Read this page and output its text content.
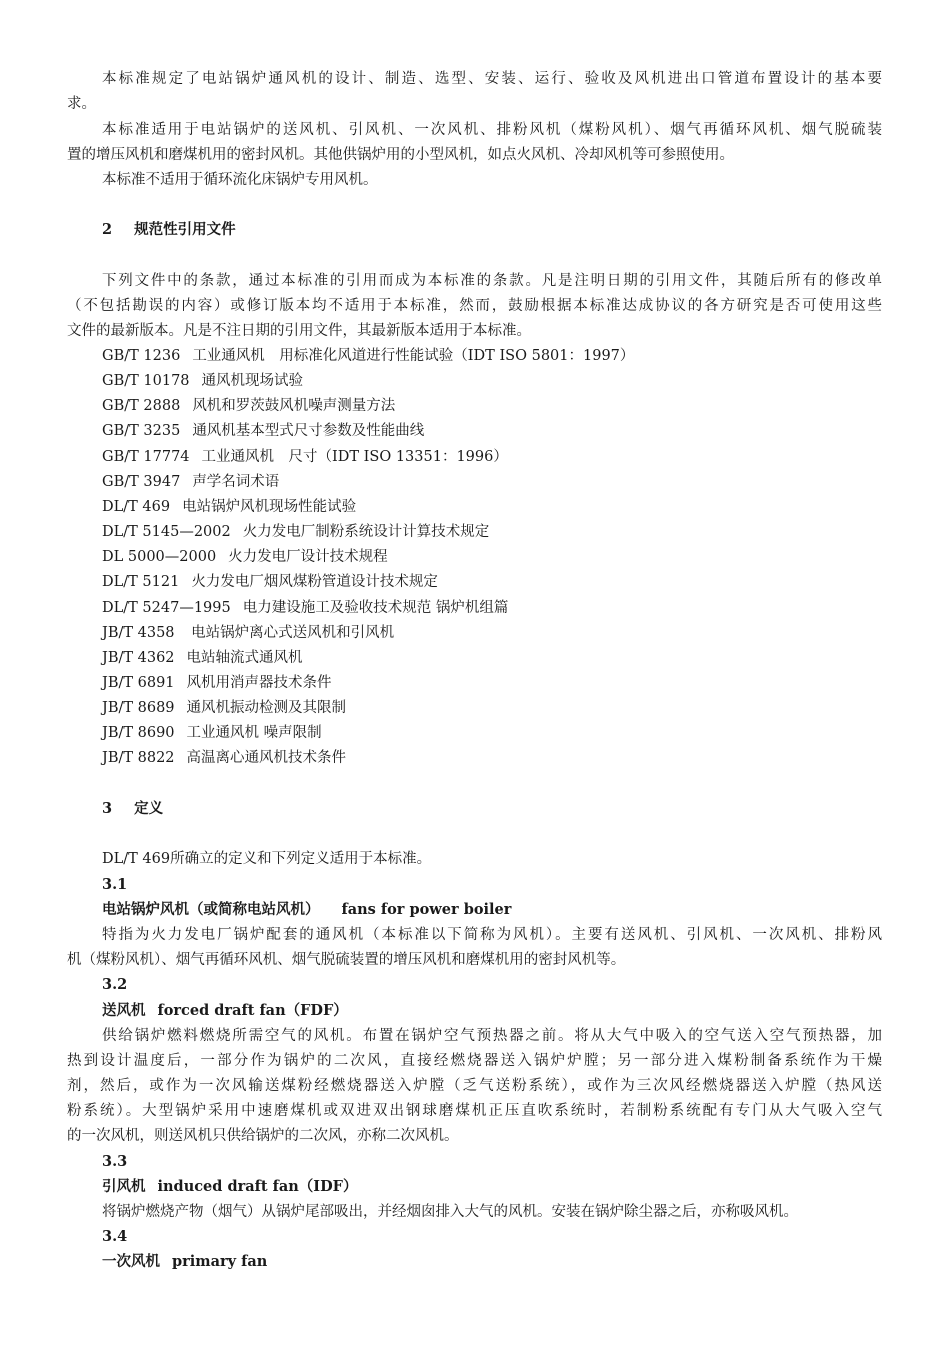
本标准规定了电站锅炉通风机的设计、制造、选型、安装、运行、验收及风机进出口管道布置设计的基本要
求。
本标准适用于电站锅炉的送风机、引风机、一次风机、排粉风机（煤粉风机）、烟气再循环风机、烟气脱硫装
置的增压风机和磨煤机用的密封风机。其他供锅炉用的小型风机，如点火风机、冷却风机等可参照使用。
本标准不适用于循环流化床锅炉专用风机。
2 规范性引用文件
下列文件中的条款，通过本标准的引用而成为本标准的条款。凡是注明日期的引用文件，其随后所有的修改单
（不包括勘误的内容）或修订版本均不适用于本标准，然而，鼓励根据本标准达成协议的各方研究是否可使用这些
文件的最新版本。凡是不注日期的引用文件，其最新版本适用于本标准。
GB/T 1236 工业通风机　用标准化风道进行性能试验（IDT ISO 5801：1997）
GB/T 10178 通风机现场试验
GB/T 2888 风机和罗茨鼓风机噪声测量方法
GB/T 3235 通风机基本型式尺寸参数及性能曲线
GB/T 17774 工业通风机　尺寸（IDT ISO 13351：1996）
GB/T 3947 声学名词术语
DL/T 469 电站锅炉风机现场性能试验
DL/T 5145—2002 火力发电厂制粉系统设计计算技术规定
DL 5000—2000 火力发电厂设计技术规程
DL/T 5121 火力发电厂烟风煤粉管道设计技术规定
DL/T 5247—1995 电力建设施工及验收技术规范 锅炉机组篇
JB/T 4358 电站锅炉离心式送风机和引风机
JB/T 4362 电站轴流式通风机
JB/T 6891 风机用消声器技术条件
JB/T 8689 通风机振动检测及其限制
JB/T 8690 工业通风机 噪声限制
JB/T 8822 高温离心通风机技术条件
3 定义
DL/T 469所确立的定义和下列定义适用于本标准。
3.1
电站锅炉风机（或简称电站风机） fans for power boiler
特指为火力发电厂锅炉配套的通风机（本标准以下简称为风机）。主要有送风机、引风机、一次风机、排粉风
机（煤粉风机）、烟气再循环风机、烟气脱硫装置的增压风机和磨煤机用的密封风机等。
3.2
送风机 forced draft fan（FDF）
供给锅炉燃料燃烧所需空气的风机。布置在锅炉空气预热器之前。将从大气中吸入的空气送入空气预热器，加
热到设计温度后，一部分作为锅炉的二次风，直接经燃烧器送入锅炉炉膛；另一部分进入煤粉制备系统作为干燥
剂，然后，或作为一次风输送煤粉经燃烧器送入炉膛（乏气送粉系统），或作为三次风经燃烧器送入炉膛（热风送
粉系统）。大型锅炉采用中速磨煤机或双进双出钢球磨煤机正压直吹系统时，若制粉系统配有专门从大气吸入空气
的一次风机，则送风机只供给锅炉的二次风，亦称二次风机。
3.3
引风机 induced draft fan（IDF）
将锅炉燃烧产物（烟气）从锅炉尾部吸出，并经烟囱排入大气的风机。安装在锅炉除尘器之后，亦称吸风机。
3.4
一次风机 primary fan
